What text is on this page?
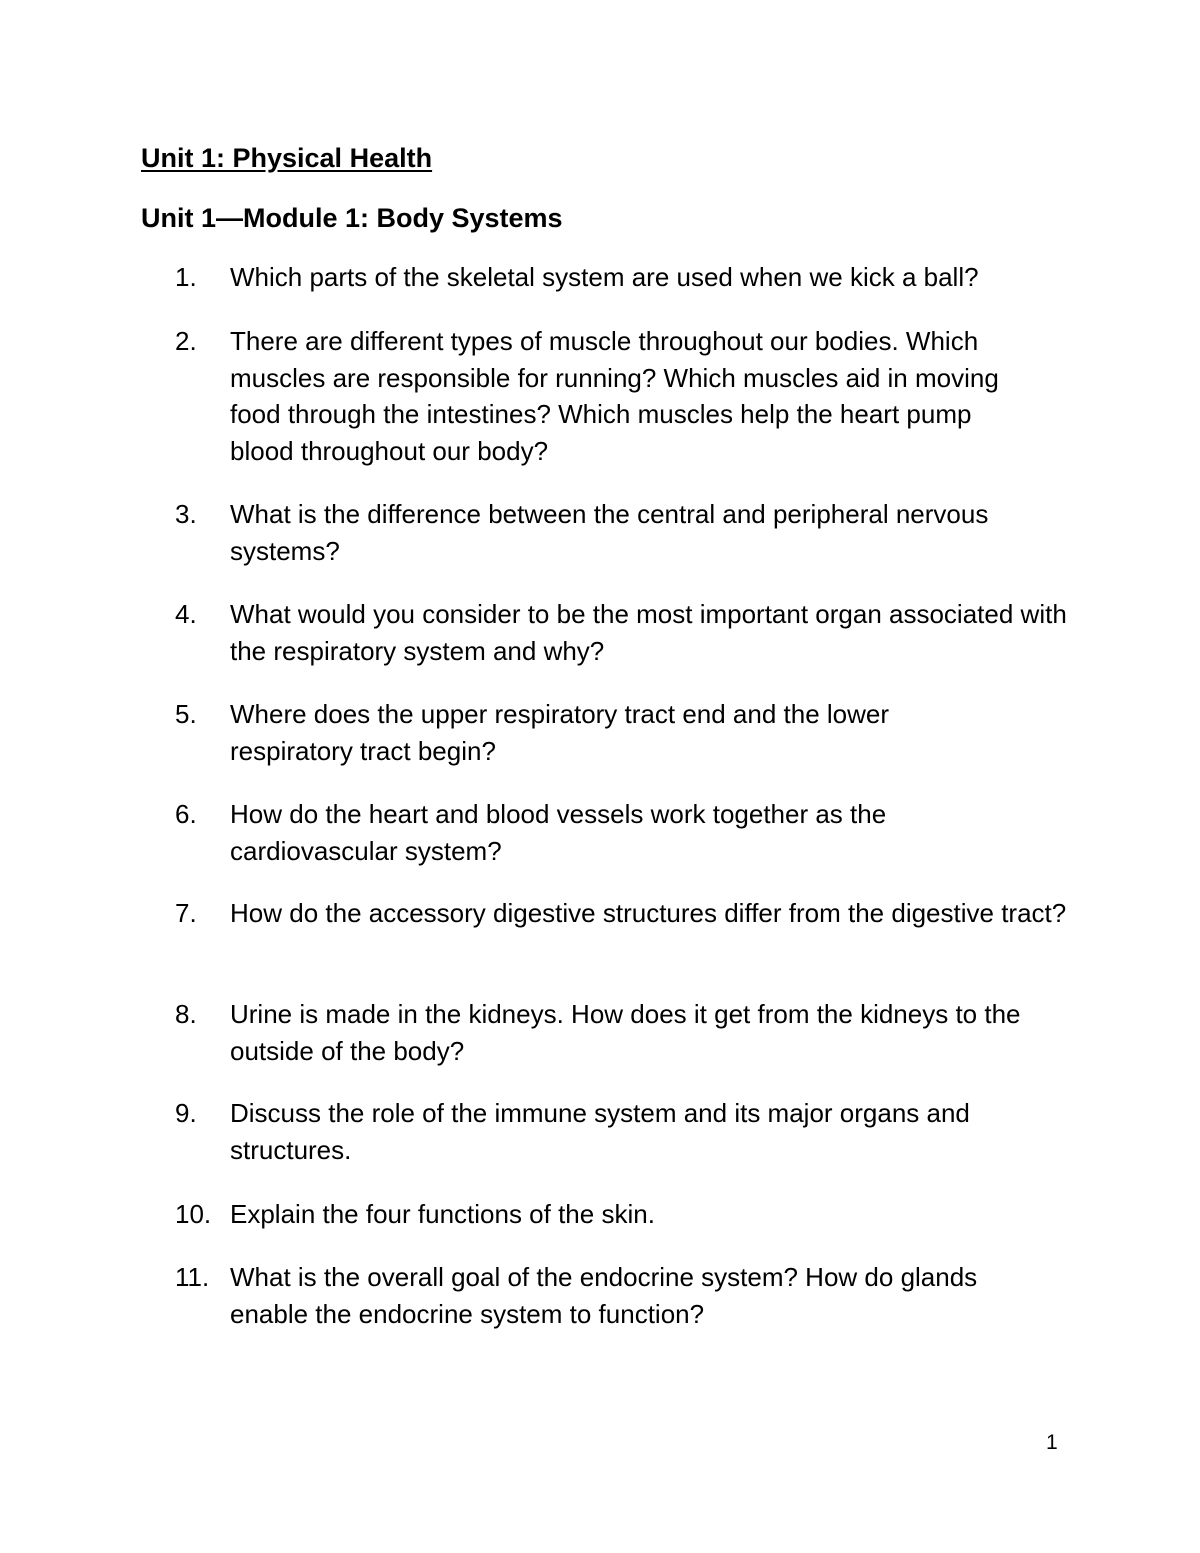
Unit 1: Physical Health
Unit 1—Module 1: Body Systems
1. Which parts of the skeletal system are used when we kick a ball?
2. There are different types of muscle throughout our bodies. Which muscles are responsible for running? Which muscles aid in moving food through the intestines? Which muscles help the heart pump blood throughout our body?
3. What is the difference between the central and peripheral nervous systems?
4. What would you consider to be the most important organ associated with the respiratory system and why?
5. Where does the upper respiratory tract end and the lower respiratory tract begin?
6. How do the heart and blood vessels work together as the cardiovascular system?
7. How do the accessory digestive structures differ from the digestive tract?
8. Urine is made in the kidneys. How does it get from the kidneys to the outside of the body?
9. Discuss the role of the immune system and its major organs and structures.
10. Explain the four functions of the skin.
11. What is the overall goal of the endocrine system? How do glands enable the endocrine system to function?
1
